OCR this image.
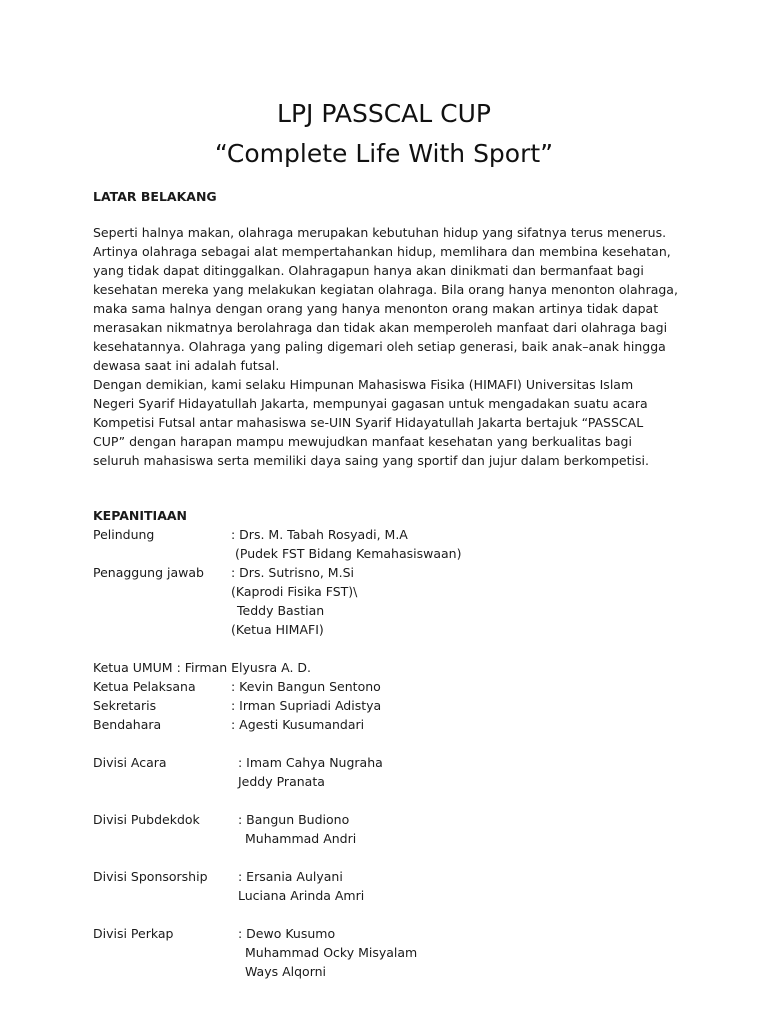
LPJ PASSCAL CUP
“Complete Life With Sport”
LATAR BELAKANG
Seperti halnya makan, olahraga merupakan kebutuhan hidup yang sifatnya terus menerus.
Artinya olahraga sebagai alat mempertahankan hidup, memlihara dan membina kesehatan,
yang tidak dapat ditinggalkan. Olahragapun hanya akan dinikmati dan bermanfaat bagi
kesehatan mereka yang melakukan kegiatan olahraga. Bila orang hanya menonton olahraga,
maka sama halnya dengan orang yang hanya menonton orang makan artinya tidak dapat
merasakan nikmatnya berolahraga dan tidak akan memperoleh manfaat dari olahraga bagi
kesehatannya. Olahraga yang paling digemari oleh setiap generasi, baik anak–anak hingga
dewasa saat ini adalah futsal.
Dengan demikian, kami selaku Himpunan Mahasiswa Fisika (HIMAFI) Universitas Islam
Negeri Syarif Hidayatullah Jakarta, mempunyai gagasan untuk mengadakan suatu acara
Kompetisi Futsal antar mahasiswa se-UIN Syarif Hidayatullah Jakarta bertajuk “PASSCAL
CUP” dengan harapan mampu mewujudkan manfaat kesehatan yang berkualitas bagi
seluruh mahasiswa serta memiliki daya saing yang sportif dan jujur dalam berkompetisi.
KEPANITIAAN
Pelindung	: Drs. M. Tabah Rosyadi, M.A
(Pudek FST Bidang Kemahasiswaan)
Penaggung jawab : Drs. Sutrisno, M.Si
(Kaprodi Fisika FST)\
Teddy Bastian
(Ketua HIMAFI)
Ketua UMUM : Firman Elyusra A. D.
Ketua Pelaksana	: Kevin Bangun Sentono
Sekretaris	: Irman Supriadi Adistya
Bendahara	: Agesti Kusumandari
Divisi Acara	: Imam Cahya Nugraha
Jeddy Pranata
Divisi Pubdekdok	: Bangun Budiono
Muhammad Andri
Divisi Sponsorship : Ersania Aulyani
Luciana Arinda Amri
Divisi Perkap	: Dewo Kusumo
Muhammad Ocky Misyalam
Ways Alqorni
